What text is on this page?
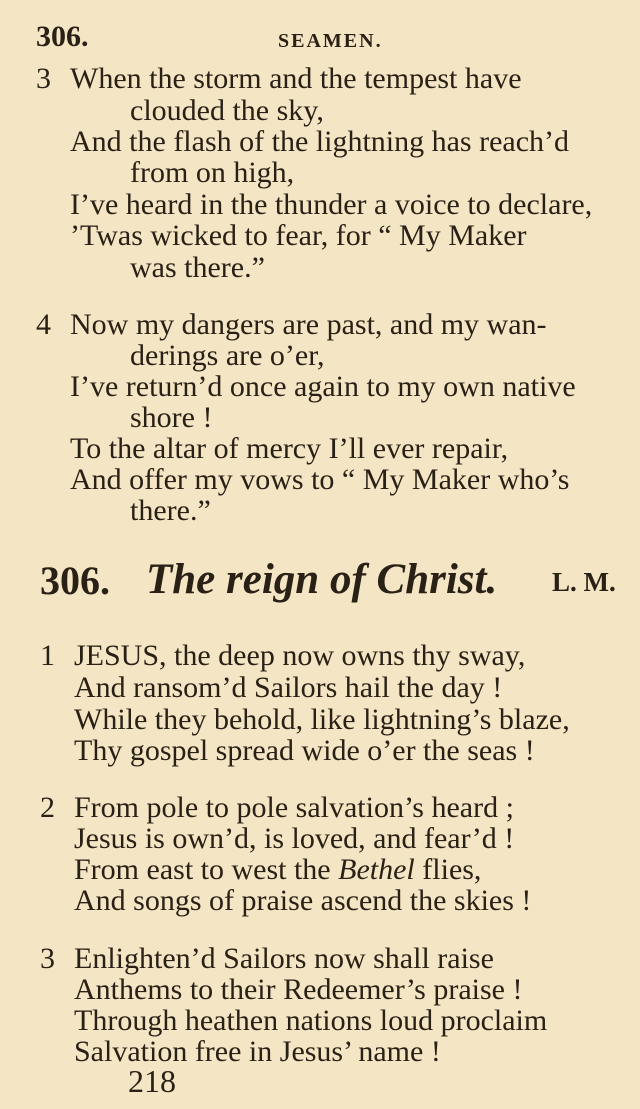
306.	SEAMEN.
3 When the storm and the tempest have
clouded the sky,
And the flash of the lightning has reach’d
from on high,
I’ve heard in the thunder a voice to declare,
’Twas wicked to fear, for “ My Maker
was there.”
4 Now my dangers are past, and my wan-
derings are o’er,
I’ve return’d once again to my own native
shore !
To the altar of mercy I’ll ever repair,
And offer my vows to “ My Maker who’s
there.”
306. The reign of Christ. L. M.
1 JESUS, the deep now owns thy sway,
And ransom’d Sailors hail the day !
While they behold, like lightning’s blaze,
Thy gospel spread wide o’er the seas !
2 From pole to pole salvation’s heard ;
Jesus is own’d, is loved, and fear’d !
From east to west the Bethel flies,
And songs of praise ascend the skies !
3 Enlighten’d Sailors now shall raise
Anthems to their Redeemer’s praise !
Through heathen nations loud proclaim
Salvation free in Jesus’ name !
218
